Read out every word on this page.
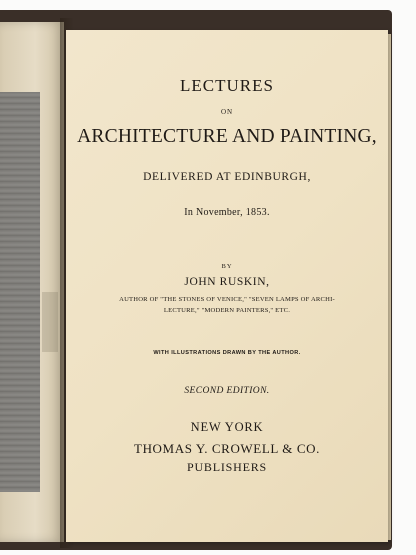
LECTURES
ON
ARCHITECTURE AND PAINTING,
DELIVERED AT EDINBURGH,
In November, 1853.
BY
JOHN RUSKIN,
AUTHOR OF "THE STONES OF VENICE," "SEVEN LAMPS OF ARCHI-
LECTURE," "MODERN PAINTERS," ETC.
WITH ILLUSTRATIONS DRAWN BY THE AUTHOR.
SECOND EDITION.
NEW YORK
THOMAS Y. CROWELL & CO.
PUBLISHERS
